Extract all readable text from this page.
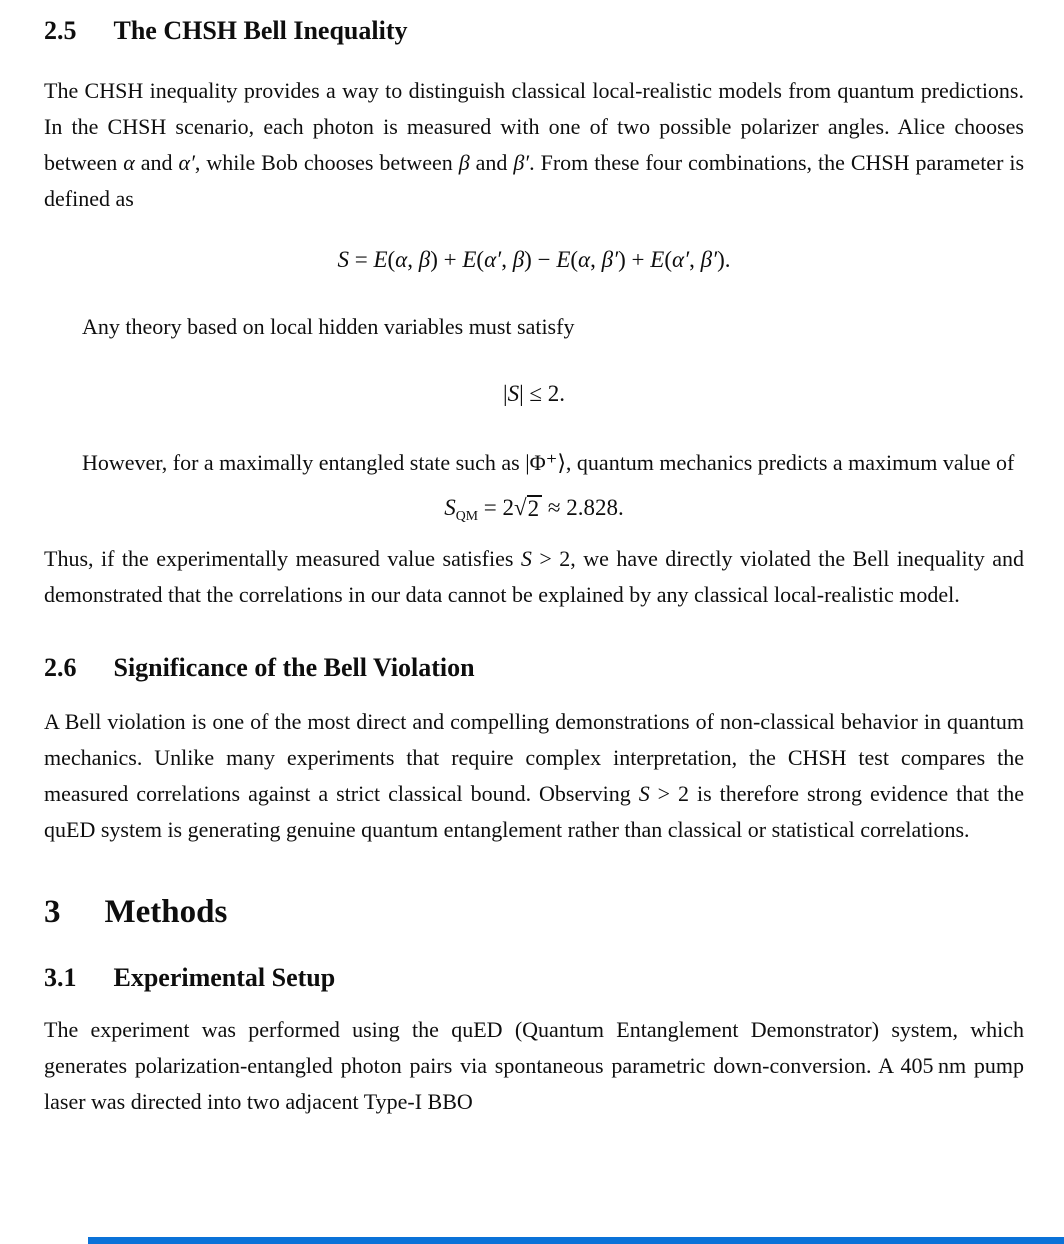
2.5 The CHSH Bell Inequality

The CHSH inequality provides a way to distinguish classical local-realistic models from quantum predictions. In the CHSH scenario, each photon is measured with one of two possible polarizer angles. Alice chooses between α and α′, while Bob chooses between β and β′. From these four combinations, the CHSH parameter is defined as

S = E(α, β) + E(α′, β) − E(α, β′) + E(α′, β′).

Any theory based on local hidden variables must satisfy

|S| ≤ 2.

However, for a maximally entangled state such as |Φ⁺⟩, quantum mechanics predicts a maximum value of

$S_{QM} = 2√2 \approx 2.828$.

Thus, if the experimentally measured value satisfies S > 2, we have directly violated the Bell inequality and demonstrated that the correlations in our data cannot be explained by any classical local-realistic model.

2.6 Significance of the Bell Violation

A Bell violation is one of the most direct and compelling demonstrations of non-classical behavior in quantum mechanics. Unlike many experiments that require complex interpretation, the CHSH test compares the measured correlations against a strict classical bound. Observing S > 2 is therefore strong evidence that the quED system is generating genuine quantum entanglement rather than classical or statistical correlations.

3 Methods
3.1 Experimental Setup

The experiment was performed using the quED (Quantum Entanglement Demonstrator) system, which generates polarization-entangled photon pairs via spontaneous parametric down-conversion. A 405 nm pump laser was directed into two adjacent Type-I BBO
